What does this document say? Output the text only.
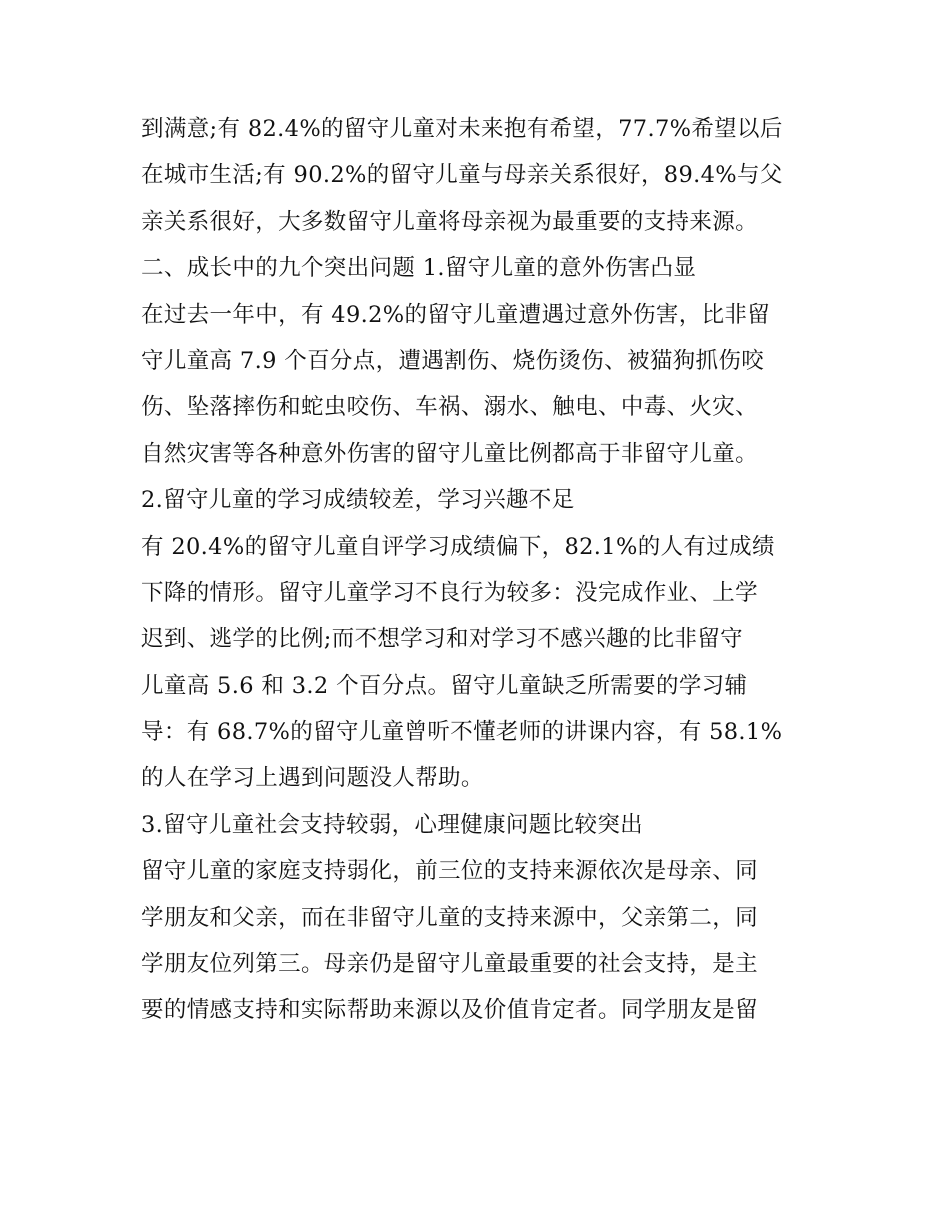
到满意;有 82.4%的留守儿童对未来抱有希望，77.7%希望以后
在城市生活;有 90.2%的留守儿童与母亲关系很好，89.4%与父
亲关系很好，大多数留守儿童将母亲视为最重要的支持来源。
二、成长中的九个突出问题 1.留守儿童的意外伤害凸显
在过去一年中，有 49.2%的留守儿童遭遇过意外伤害，比非留
守儿童高 7.9 个百分点，遭遇割伤、烧伤烫伤、被猫狗抓伤咬
伤、坠落摔伤和蛇虫咬伤、车祸、溺水、触电、中毒、火灾、
自然灾害等各种意外伤害的留守儿童比例都高于非留守儿童。
2.留守儿童的学习成绩较差，学习兴趣不足
有 20.4%的留守儿童自评学习成绩偏下，82.1%的人有过成绩
下降的情形。留守儿童学习不良行为较多：没完成作业、上学
迟到、逃学的比例;而不想学习和对学习不感兴趣的比非留守
儿童高 5.6 和 3.2 个百分点。留守儿童缺乏所需要的学习辅
导：有 68.7%的留守儿童曾听不懂老师的讲课内容，有 58.1%
的人在学习上遇到问题没人帮助。
3.留守儿童社会支持较弱，心理健康问题比较突出
留守儿童的家庭支持弱化，前三位的支持来源依次是母亲、同
学朋友和父亲，而在非留守儿童的支持来源中，父亲第二，同
学朋友位列第三。母亲仍是留守儿童最重要的社会支持，是主
要的情感支持和实际帮助来源以及价值肯定者。同学朋友是留
